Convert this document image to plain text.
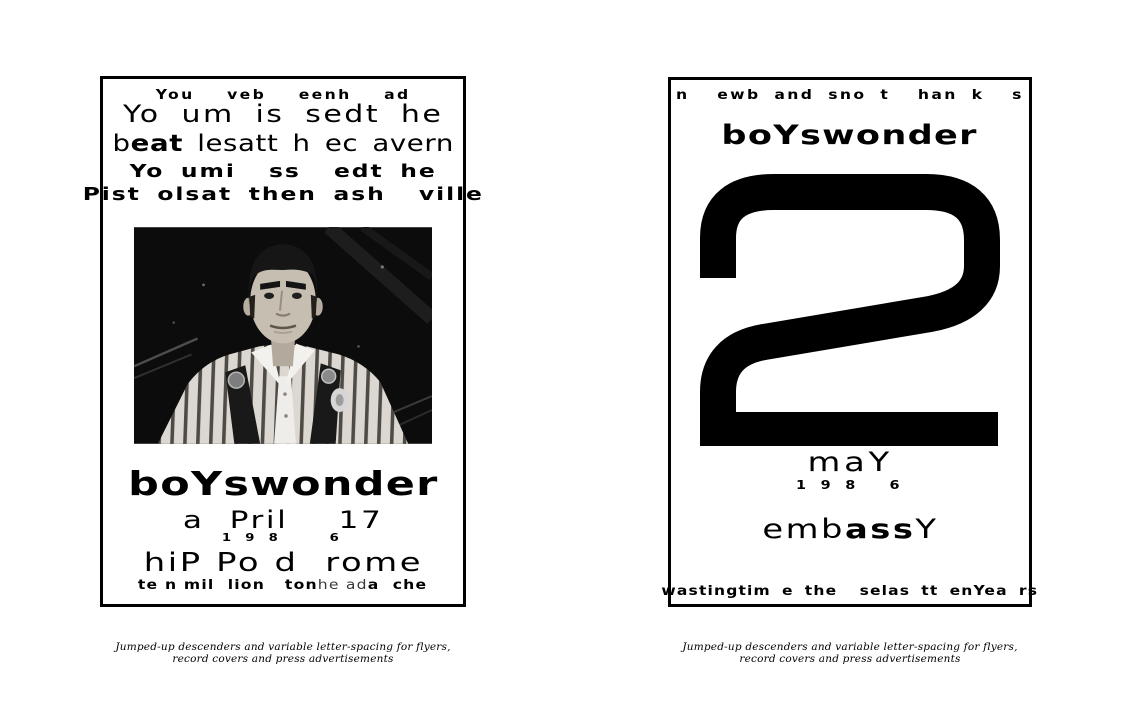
You  veb  eenh  ad
Yo um is sedt he
beat lesatt h ec avern
Yo umi  ss  edt he
Pist olsat then ash  ville
boYswonder
a  Pril    17
1 9 8     6
hiP Po d  rome
te n mil  lion   tonhe ada  che
n  ewb and sno t  han k  s
boYswonder
maY
1 9 8   6
embassY
wastingtim e the  selas tt enYea rs
Jumped-up descenders and variable letter-spacing for flyers, record covers and press advertisements
Jumped-up descenders and variable letter-spacing for flyers, record covers and press advertisements
